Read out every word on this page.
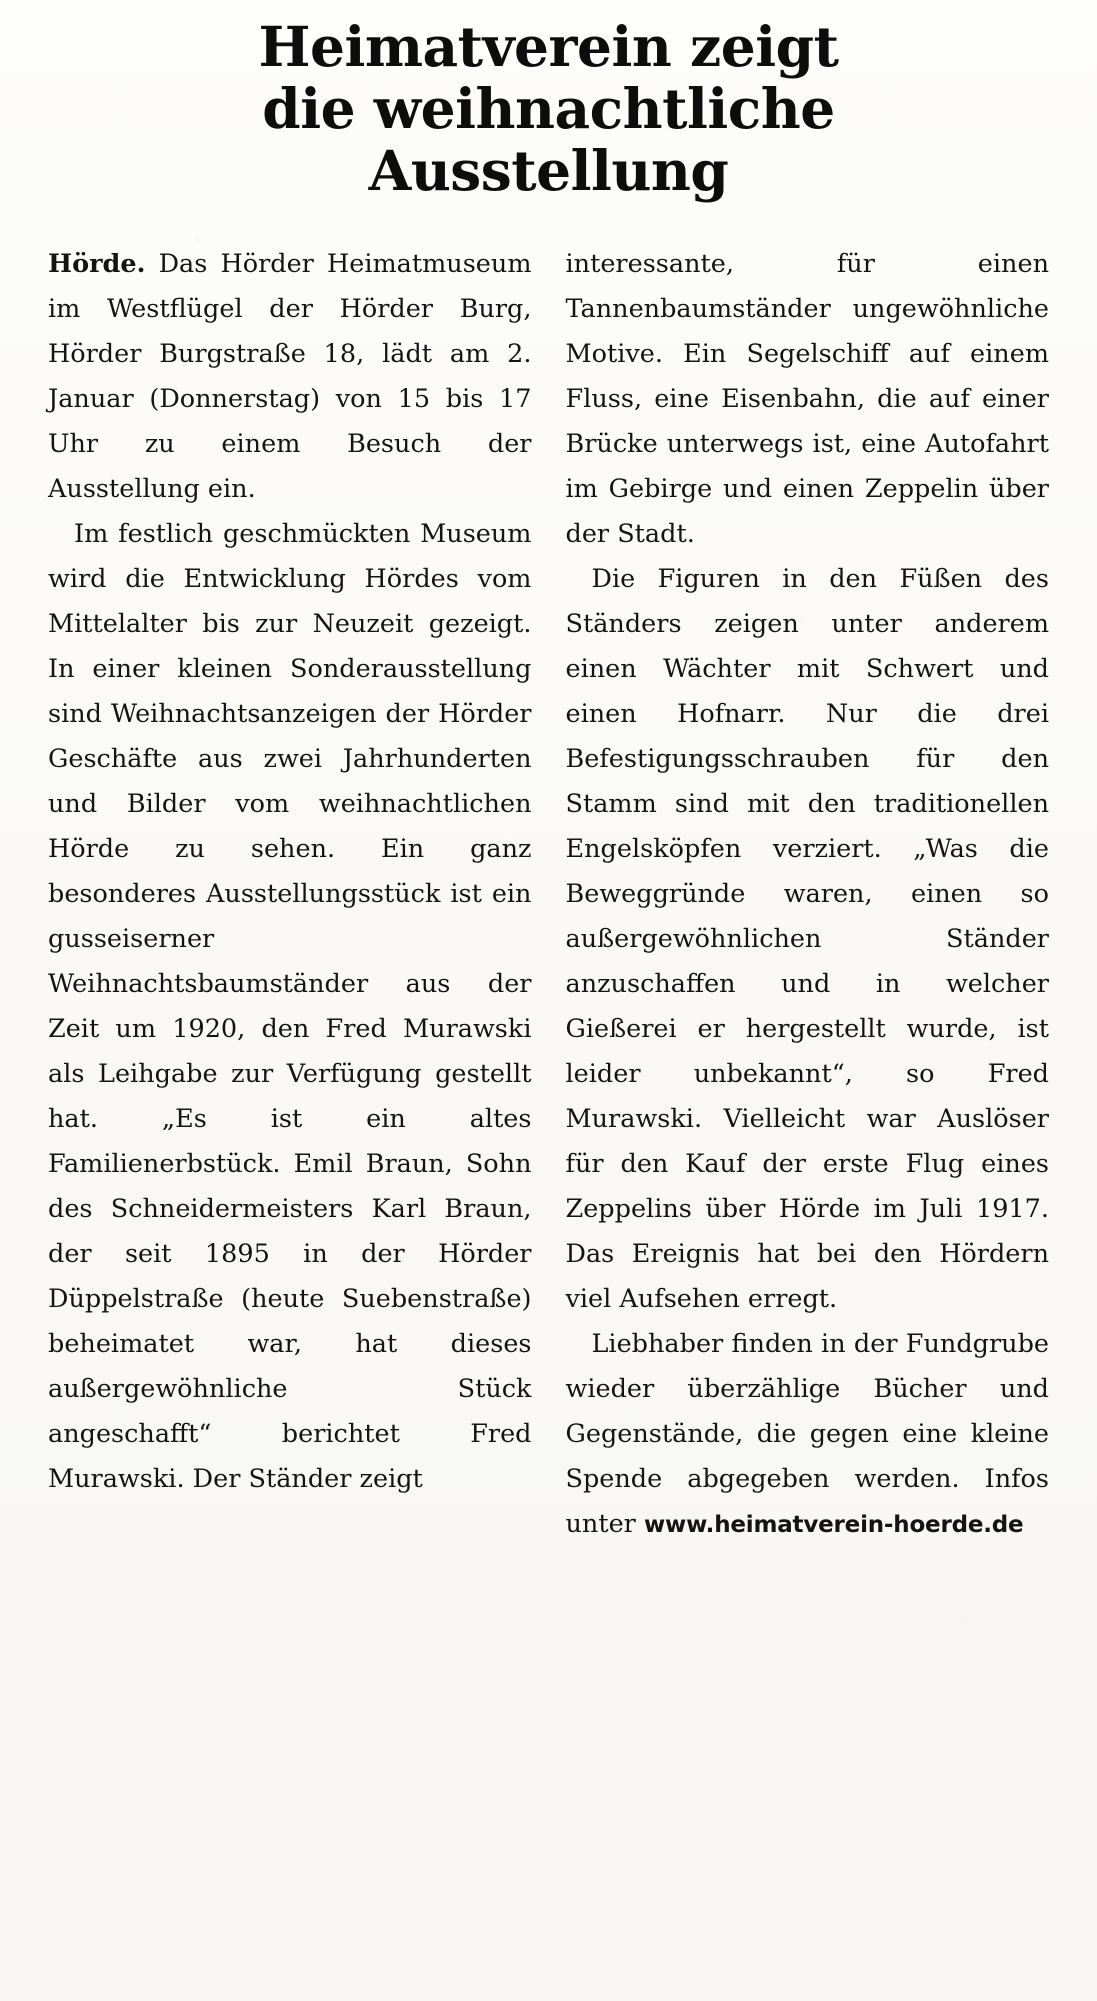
Heimatverein zeigt
die weihnachtliche
Ausstellung

Hörde. Das Hörder Heimatmuseum im Westflügel der Hörder Burg, Hörder Burgstraße 18, lädt am 2. Januar (Donnerstag) von 15 bis 17 Uhr zu einem Besuch der Ausstellung ein.

Im festlich geschmückten Museum wird die Entwicklung Hördes vom Mittelalter bis zur Neuzeit gezeigt. In einer kleinen Sonderausstellung sind Weihnachtsanzeigen der Hörder Geschäfte aus zwei Jahrhunderten und Bilder vom weihnachtlichen Hörde zu sehen. Ein ganz besonderes Ausstellungsstück ist ein gusseiserner Weihnachtsbaumständer aus der Zeit um 1920, den Fred Murawski als Leihgabe zur Verfügung gestellt hat. „Es ist ein altes Familienerbstück. Emil Braun, Sohn des Schneidermeisters Karl Braun, der seit 1895 in der Hörder Düppelstraße (heute Suebenstraße) beheimatet war, hat dieses außergewöhnliche Stück angeschafft“ berichtet Fred Murawski. Der Ständer zeigt

interessante, für einen Tannenbaumständer ungewöhnliche Motive. Ein Segelschiff auf einem Fluss, eine Eisenbahn, die auf einer Brücke unterwegs ist, eine Autofahrt im Gebirge und einen Zeppelin über der Stadt.

Die Figuren in den Füßen des Ständers zeigen unter anderem einen Wächter mit Schwert und einen Hofnarr. Nur die drei Befestigungsschrauben für den Stamm sind mit den traditionellen Engelsköpfen verziert. „Was die Beweggründe waren, einen so außergewöhnlichen Ständer anzuschaffen und in welcher Gießerei er hergestellt wurde, ist leider unbekannt“, so Fred Murawski. Vielleicht war Auslöser für den Kauf der erste Flug eines Zeppelins über Hörde im Juli 1917. Das Ereignis hat bei den Hördern viel Aufsehen erregt.

Liebhaber finden in der Fundgrube wieder überzählige Bücher und Gegenstände, die gegen eine kleine Spende abgegeben werden. Infos unter www.heimatverein-hoerde.de
